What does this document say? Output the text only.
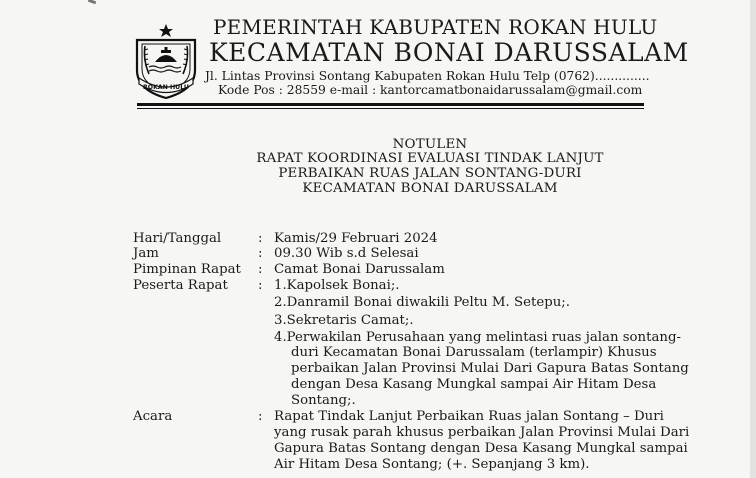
ROKAN HULU
PEMERINTAH KABUPATEN ROKAN HULU
KECAMATAN BONAI DARUSSALAM
Jl. Lintas Provinsi Sontang Kabupaten Rokan Hulu Telp (0762)..............
Kode Pos : 28559 e-mail : kantorcamatbonaidarussalam@gmail.com
NOTULEN
RAPAT KOORDINASI EVALUASI TINDAK LANJUT
PERBAIKAN RUAS JALAN SONTANG-DURI
KECAMATAN BONAI DARUSSALAM
Hari/Tanggal	: Kamis/29 Februari 2024
Jam	: 09.30 Wib s.d Selesai
Pimpinan Rapat : Camat Bonai Darussalam
Peserta Rapat : 1.Kapolsek Bonai;.
2.Danramil Bonai diwakili Peltu M. Setepu;.
3.Sekretaris Camat;.
4.Perwakilan Perusahaan yang melintasi ruas jalan sontang-
duri Kecamatan Bonai Darussalam (terlampir) Khusus
perbaikan Jalan Provinsi Mulai Dari Gapura Batas Sontang
dengan Desa Kasang Mungkal sampai Air Hitam Desa
Sontang;.
Acara	: Rapat Tindak Lanjut Perbaikan Ruas jalan Sontang – Duri
yang rusak parah khusus perbaikan Jalan Provinsi Mulai Dari
Gapura Batas Sontang dengan Desa Kasang Mungkal sampai
Air Hitam Desa Sontang; (+. Sepanjang 3 km).
